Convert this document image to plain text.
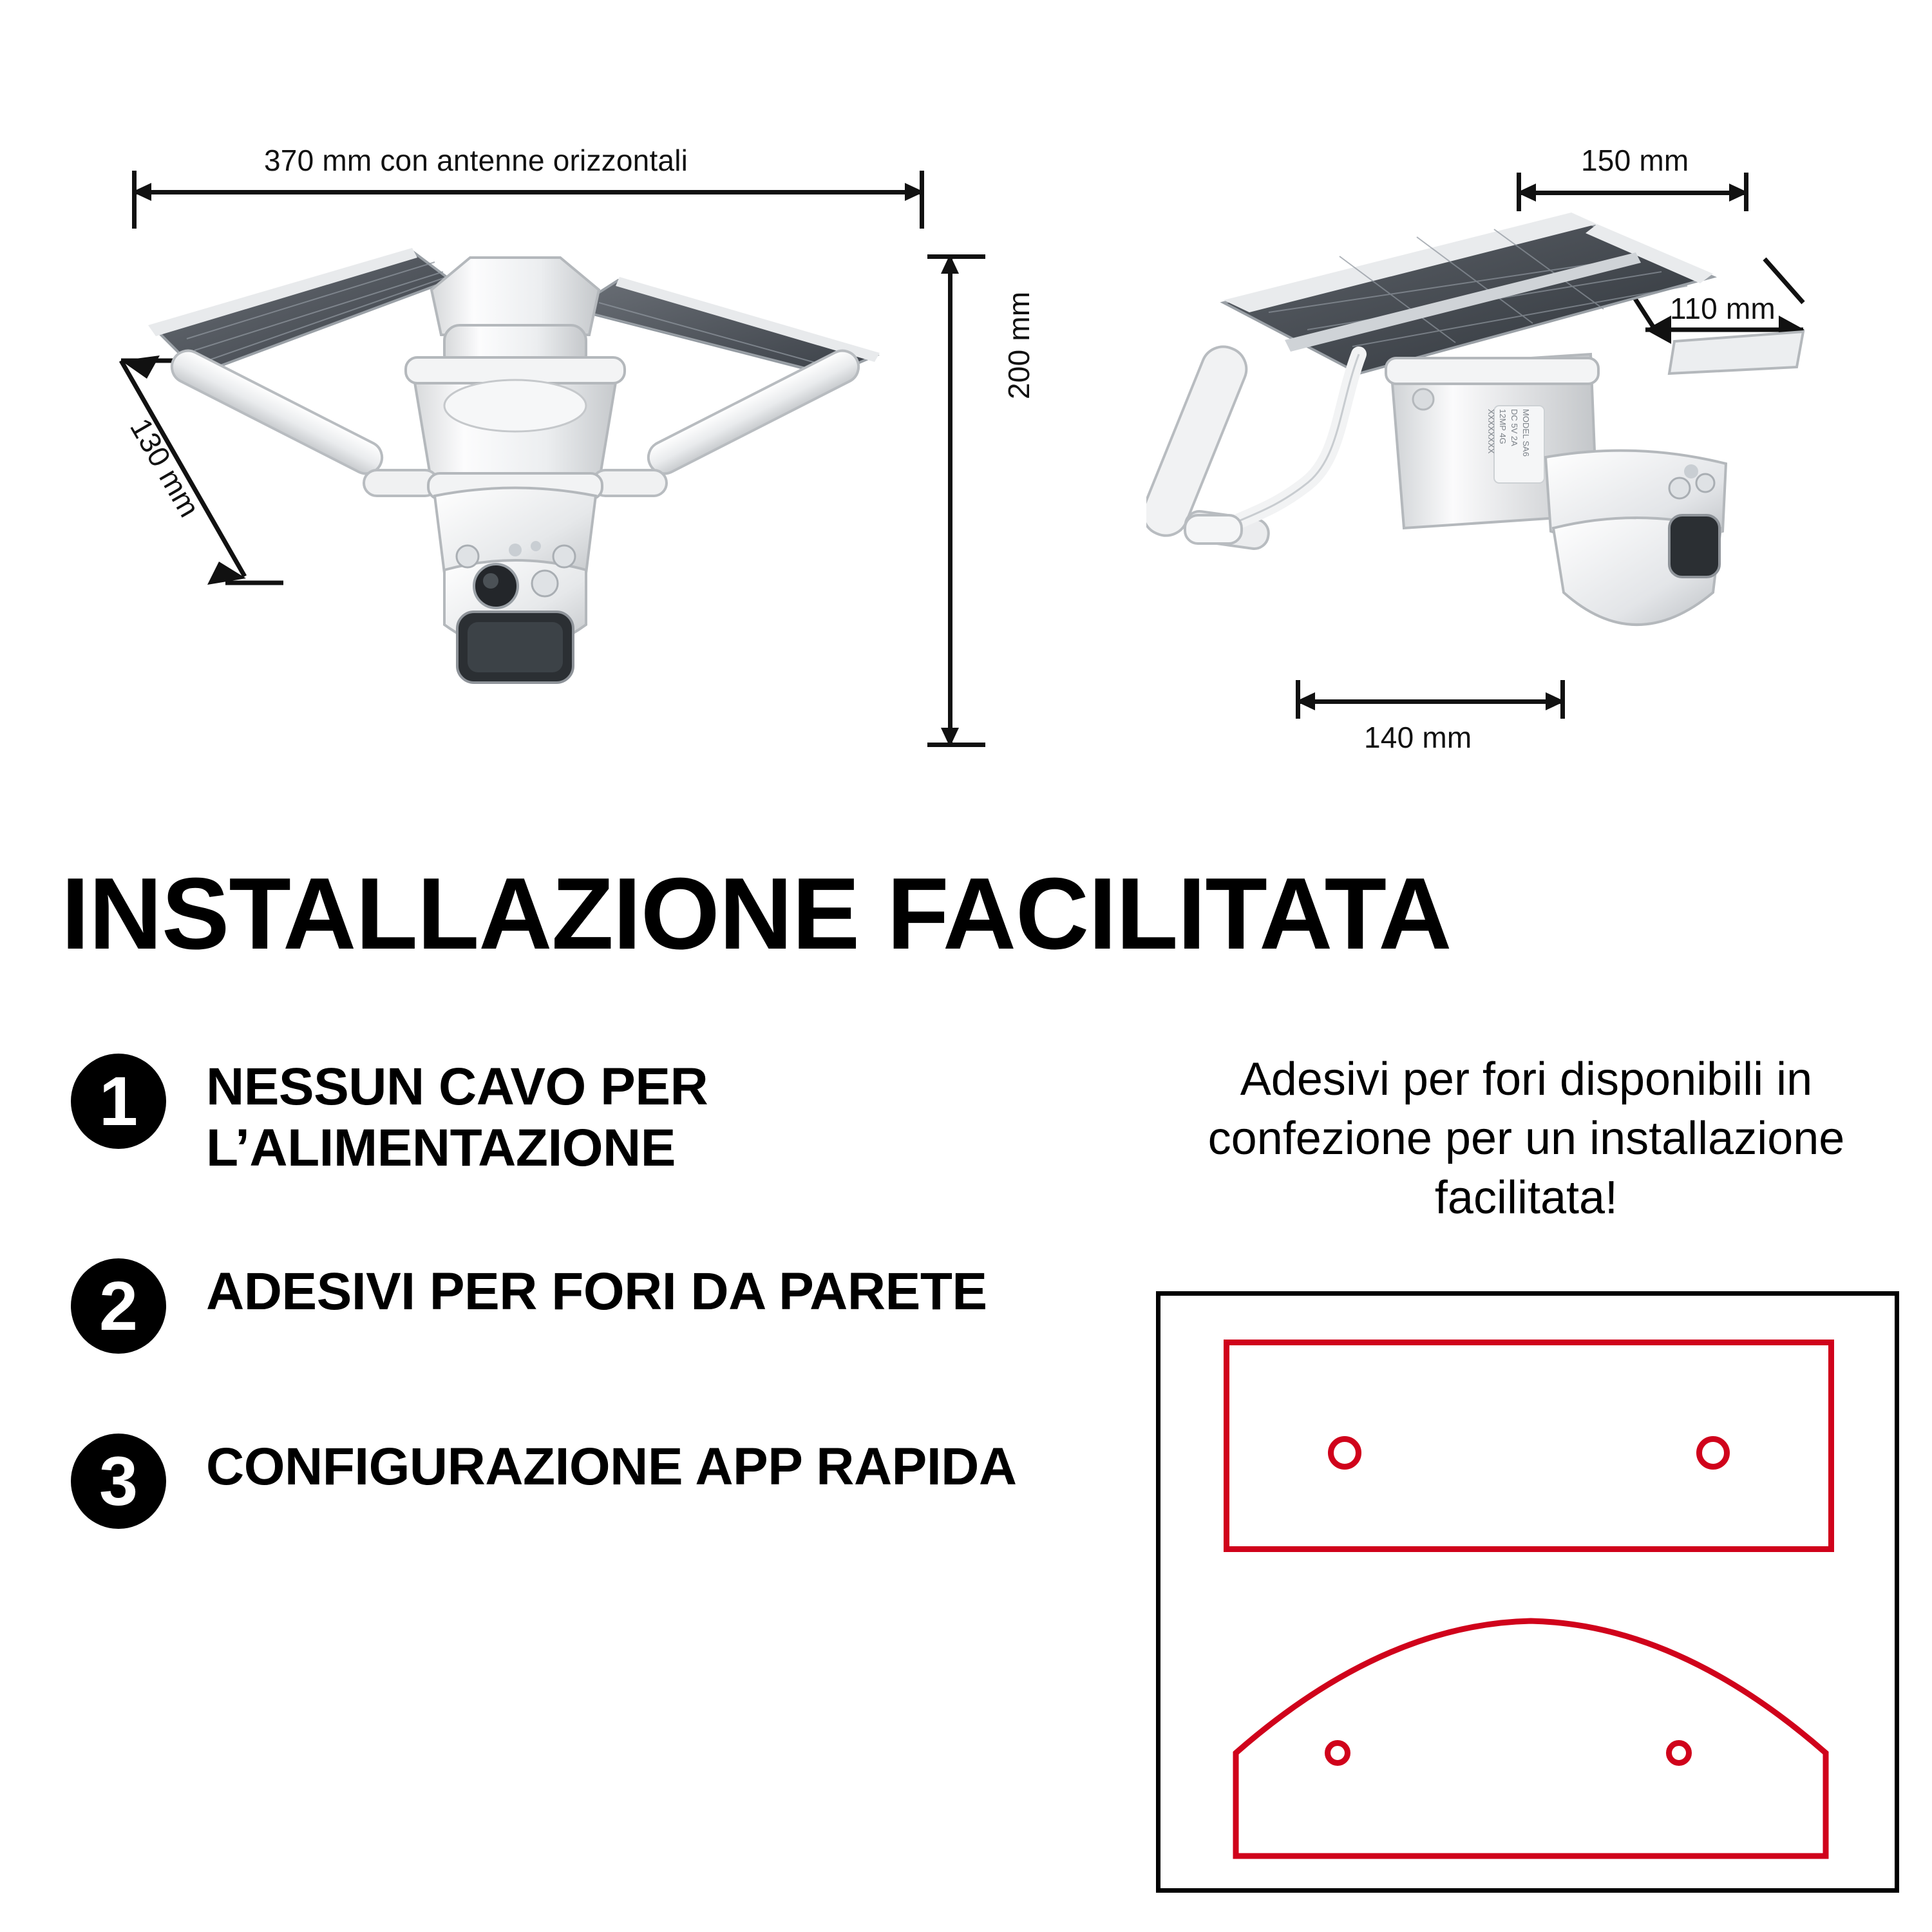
370 mm con antenne orizzontali
200 mm
130 mm
150 mm
110 mm
140 mm
MODEL SA6
DC 5V 2A
12MP 4G
XXXXXXXX
INSTALLAZIONE FACILITATA
1	NESSUN CAVO PER L’ALIMENTAZIONE
2	ADESIVI PER FORI DA PARETE
3	CONFIGURAZIONE APP RAPIDA
Adesivi per fori disponibili in confezione per un installazione facilitata!
